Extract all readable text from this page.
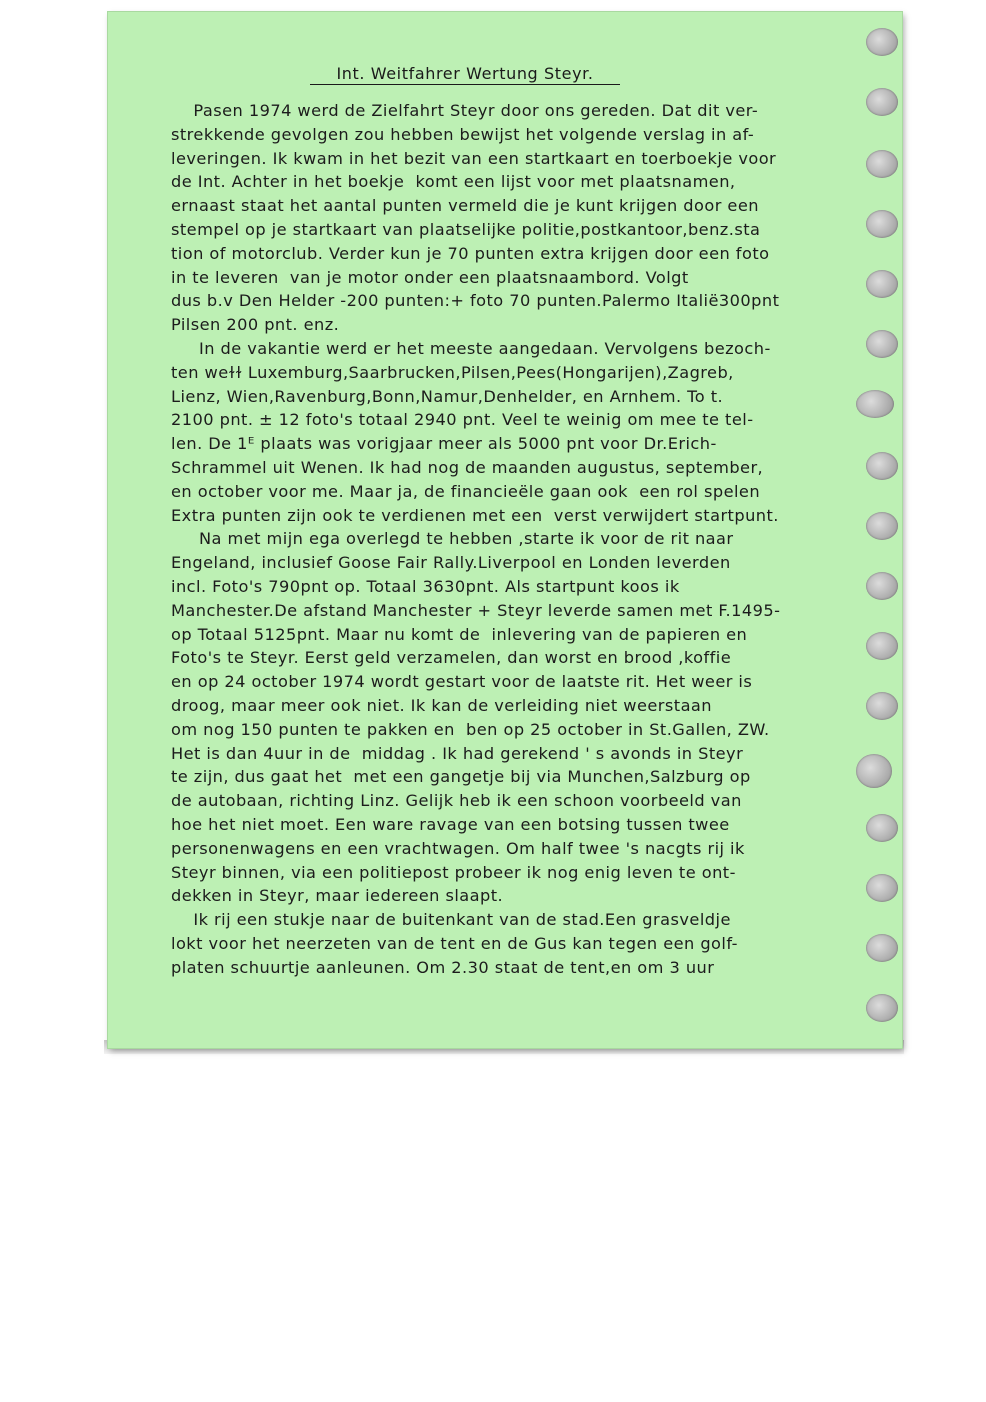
Int. Weitfahrer Wertung Steyr.
Pasen 1974 werd de Zielfahrt Steyr door ons gereden. Dat dit ver-
strekkende gevolgen zou hebben bewijst het volgende verslag in af-
leveringen. Ik kwam in het bezit van een startkaart en toerboekje voor
de Int. Achter in het boekje  komt een lijst voor met plaatsnamen,
ernaast staat het aantal punten vermeld die je kunt krijgen door een
stempel op je startkaart van plaatselijke politie,postkantoor,benz.sta
tion of motorclub. Verder kun je 70 punten extra krijgen door een foto
in te leveren  van je motor onder een plaatsnaambord. Volgt
dus b.v Den Helder -200 punten:+ foto 70 punten.Palermo Italië300pnt
Pilsen 200 pnt. enz.
In de vakantie werd er het meeste aangedaan. Vervolgens bezoch-
ten weɫɫ Luxemburg,Saarbrucken,Pilsen,Pees(Hongarijen),Zagreb,
Lienz, Wien,Ravenburg,Bonn,Namur,Denhelder, en Arnhem. To t.
2100 pnt. ± 12 foto's totaal 2940 pnt. Veel te weinig om mee te tel-
len. De 1ᴱ plaats was vorigjaar meer als 5000 pnt voor Dr.Erich-
Schrammel uit Wenen. Ik had nog de maanden augustus, september,
en october voor me. Maar ja, de financieële gaan ook  een rol spelen
Extra punten zijn ook te verdienen met een  verst verwijdert startpunt.
Na met mijn ega overlegd te hebben ,starte ik voor de rit naar
Engeland, inclusief Goose Fair Rally.Liverpool en Londen leverden
incl. Foto's 790pnt op. Totaal 3630pnt. Als startpunt koos ik
Manchester.De afstand Manchester + Steyr leverde samen met F.1495-
op Totaal 5125pnt. Maar nu komt de  inlevering van de papieren en
Foto's te Steyr. Eerst geld verzamelen, dan worst en brood ,koffie
en op 24 october 1974 wordt gestart voor de laatste rit. Het weer is
droog, maar meer ook niet. Ik kan de verleiding niet weerstaan
om nog 150 punten te pakken en  ben op 25 october in St.Gallen, ZW.
Het is dan 4uur in de  middag . Ik had gerekend ' s avonds in Steyr
te zijn, dus gaat het  met een gangetje bij via Munchen,Salzburg op
de autobaan, richting Linz. Gelijk heb ik een schoon voorbeeld van
hoe het niet moet. Een ware ravage van een botsing tussen twee
personenwagens en een vrachtwagen. Om half twee 's nacgts rij ik
Steyr binnen, via een politiepost probeer ik nog enig leven te ont-
dekken in Steyr, maar iedereen slaapt.
Ik rij een stukje naar de buitenkant van de stad.Een grasveldje
lokt voor het neerzeten van de tent en de Gus kan tegen een golf-
platen schuurtje aanleunen. Om 2.30 staat de tent,en om 3 uur
